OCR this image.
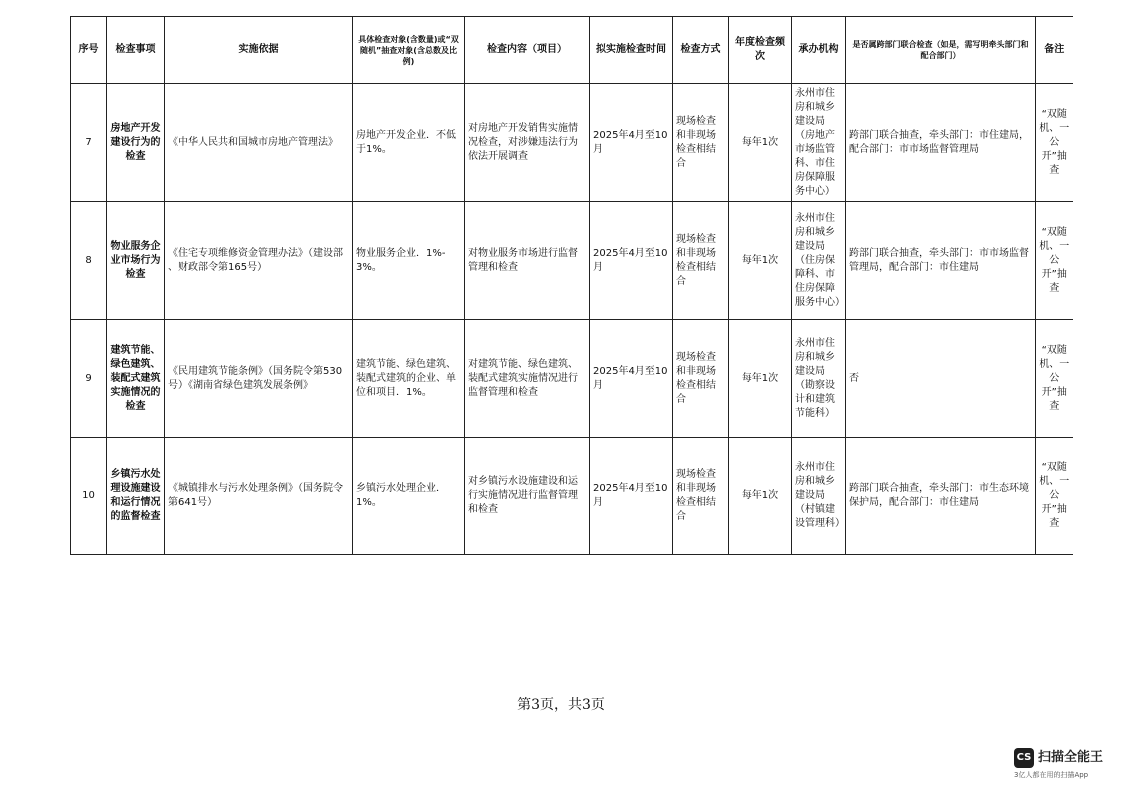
序号	检查事项	实施依据	具体检查对象(含数量)或“双随机”抽查对象(含总数及比例)	检查内容（项目）	拟实施检查时间	检查方式	年度检查频次	承办机构	是否属跨部门联合检查（如是，需写明牵头部门和配合部门）	备注
7	房地产开发建设行为的检查	《中华人民共和国城市房地产管理法》	房地产开发企业．不低于1%。	对房地产开发销售实施情况检查，对涉嫌违法行为依法开展调查	2025年4月至10月	现场检查和非现场检查相结合	每年1次	永州市住房和城乡建设局（房地产市场监管科、市住房保障服务中心）	跨部门联合抽查，牵头部门：市住建局，配合部门：市市场监督管理局	“双随机、一公开”抽查
8	物业服务企业市场行为检查	《住宅专项维修资金管理办法》（建设部 、财政部令第165号）	物业服务企业．1%-3%。	对物业服务市场进行监督管理和检查	2025年4月至10月	现场检查和非现场检查相结合	每年1次	永州市住房和城乡建设局（住房保障科、市住房保障服务中心）	跨部门联合抽查，牵头部门：市市场监督管理局，配合部门：市住建局	“双随机、一公开”抽查
9	建筑节能、绿色建筑、装配式建筑实施情况的检查	《民用建筑节能条例》（国务院令第530号）《湖南省绿色建筑发展条例》	建筑节能、绿色建筑、装配式建筑的企业、单位和项目．1%。	对建筑节能、绿色建筑、装配式建筑实施情况进行监督管理和检查	2025年4月至10月	现场检查和非现场检查相结合	每年1次	永州市住房和城乡建设局（勘察设计和建筑节能科）	否	“双随机、一公开”抽查
10	乡镇污水处理设施建设和运行情况的监督检查	《城镇排水与污水处理条例》（国务院令第641号）	乡镇污水处理企业．1%。	对乡镇污水设施建设和运行实施情况进行监督管理和检查	2025年4月至10月	现场检查和非现场检查相结合	每年1次	永州市住房和城乡建设局（村镇建设管理科）	跨部门联合抽查，牵头部门：市生态环境保护局，配合部门：市住建局	“双随机、一公开”抽查
第3页，共3页
CS 扫描全能王
3亿人都在用的扫描App
